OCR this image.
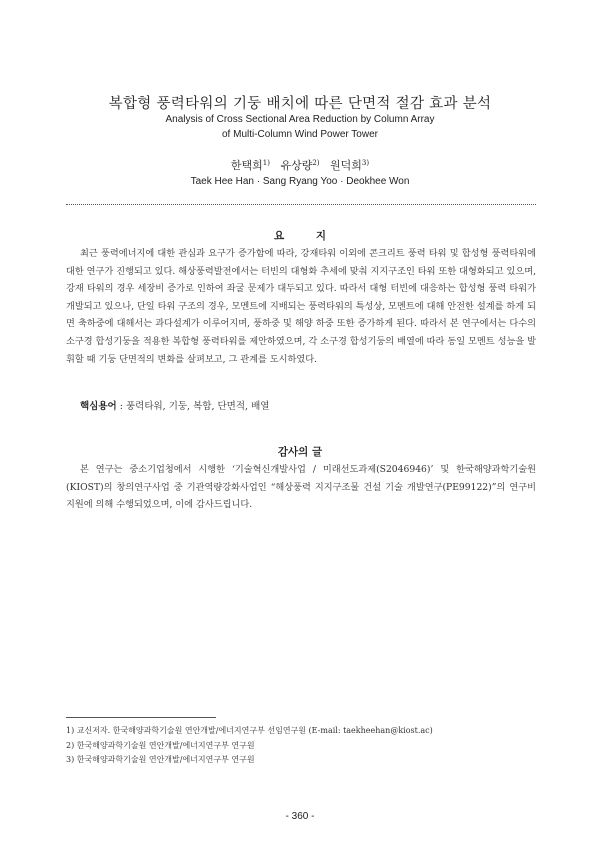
복합형 풍력타워의 기둥 배치에 따른 단면적 절감 효과 분석
Analysis of Cross Sectional Area Reduction by Column Array
of Multi-Column Wind Power Tower
한택희$^{1)}$ 유상량$^{2)}$ 원덕희$^{3)}$
Taek Hee Han · Sang Ryang Yoo · Deokhee Won
요 지

최근 풍력에너지에 대한 관심과 요구가 증가함에 따라, 강재타워 이외에 콘크리트 풍력 타워 및 합성형 풍력타워에 대한 연구가 진행되고 있다. 해상풍력발전에서는 터빈의 대형화 추세에 맞춰 지지구조인 타워 또한 대형화되고 있으며, 강재 타워의 경우 세장비 증가로 인하여 좌굴 문제가 대두되고 있다. 따라서 대형 터빈에 대응하는 합성형 풍력 타워가 개발되고 있으나, 단일 타워 구조의 경우, 모멘트에 지배되는 풍력타워의 특성상, 모멘트에 대해 안전한 설계를 하게 되면 축하중에 대해서는 과다설계가 이루어지며, 풍하중 및 해양 하중 또한 증가하게 된다. 따라서 본 연구에서는 다수의 소구경 합성기둥을 적용한 복합형 풍력타워를 제안하였으며, 각 소구경 합성기둥의 배열에 따라 동일 모멘트 성능을 발휘할 때 기둥 단면적의 변화를 살펴보고, 그 관계를 도시하였다.

핵심용어 : 풍력타워, 기둥, 복합, 단면적, 배열
감사의 글

본 연구는 중소기업청에서 시행한 ‘기술혁신개발사업 / 미래선도과제(S2046946)’ 및 한국해양과학기술원(KIOST)의 창의연구사업 중 기관역량강화사업인 “해상풍력 지지구조물 건설 기술 개발연구(PE99122)”의 연구비 지원에 의해 수행되었으며, 이에 감사드립니다.

1) 교신저자. 한국해양과학기술원 연안개발/에너지연구부 선임연구원 (E-mail: taekheehan@kiost.ac)
2) 한국해양과학기술원 연안개발/에너지연구부 연구원
3) 한국해양과학기술원 연안개발/에너지연구부 연구원
- 360 -
